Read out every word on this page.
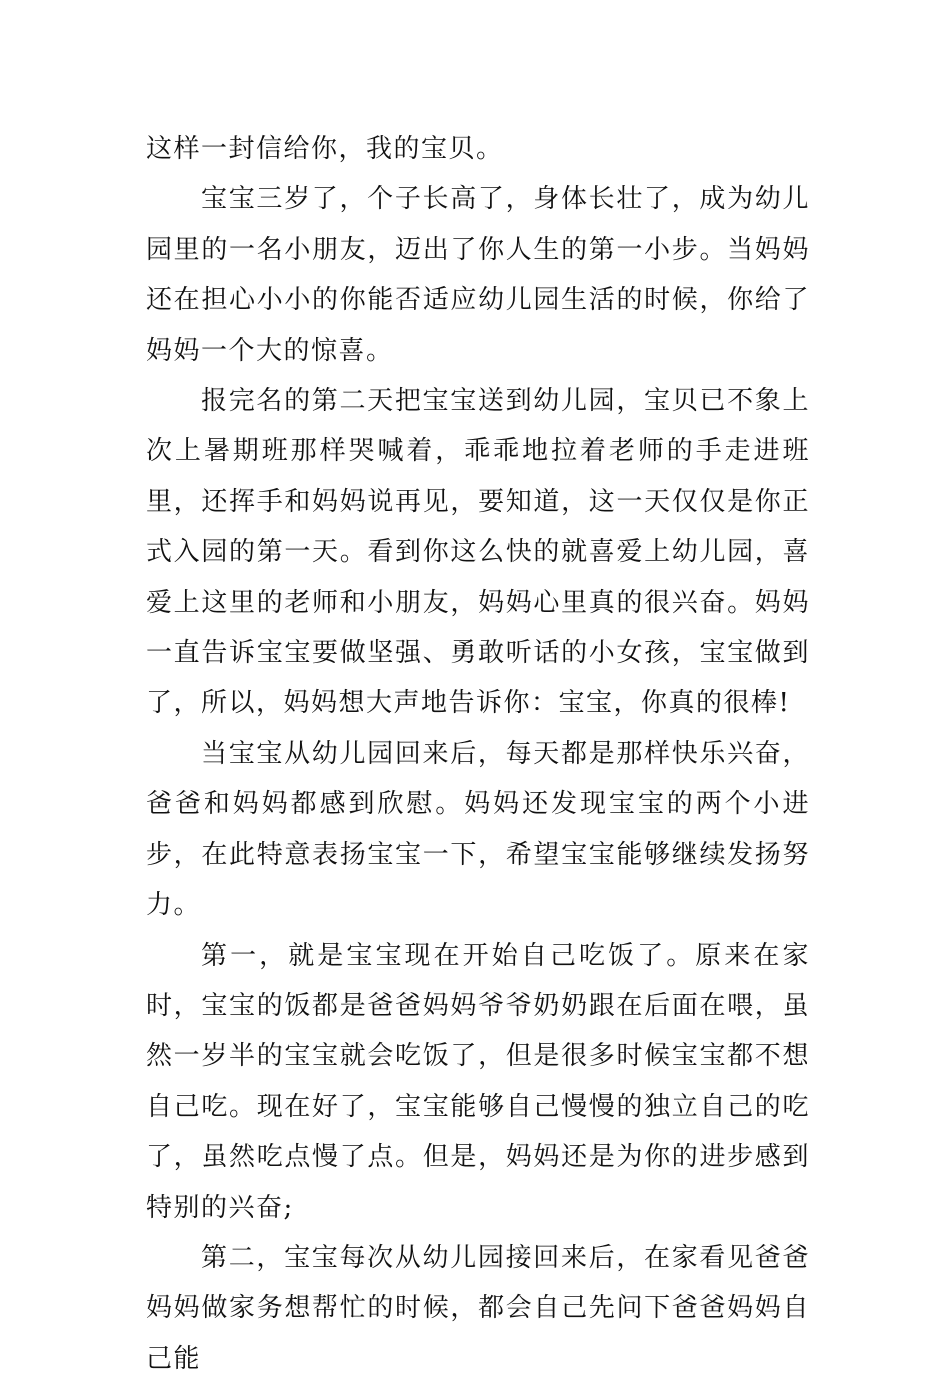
这样一封信给你，我的宝贝。

宝宝三岁了，个子长高了，身体长壮了，成为幼儿园里的一名小朋友，迈出了你人生的第一小步。当妈妈还在担心小小的你能否适应幼儿园生活的时候，你给了妈妈一个大的惊喜。

报完名的第二天把宝宝送到幼儿园，宝贝已不象上次上暑期班那样哭喊着，乖乖地拉着老师的手走进班里，还挥手和妈妈说再见，要知道，这一天仅仅是你正式入园的第一天。看到你这么快的就喜爱上幼儿园，喜爱上这里的老师和小朋友，妈妈心里真的很兴奋。妈妈一直告诉宝宝要做坚强、勇敢听话的小女孩，宝宝做到了，所以，妈妈想大声地告诉你：宝宝，你真的很棒!

当宝宝从幼儿园回来后，每天都是那样快乐兴奋，爸爸和妈妈都感到欣慰。妈妈还发现宝宝的两个小进步，在此特意表扬宝宝一下，希望宝宝能够继续发扬努力。

第一，就是宝宝现在开始自己吃饭了。原来在家时，宝宝的饭都是爸爸妈妈爷爷奶奶跟在后面在喂，虽然一岁半的宝宝就会吃饭了，但是很多时候宝宝都不想自己吃。现在好了，宝宝能够自己慢慢的独立自己的吃了，虽然吃点慢了点。但是，妈妈还是为你的进步感到特别的兴奋;

第二，宝宝每次从幼儿园接回来后，在家看见爸爸妈妈做家务想帮忙的时候，都会自己先问下爸爸妈妈自己能
